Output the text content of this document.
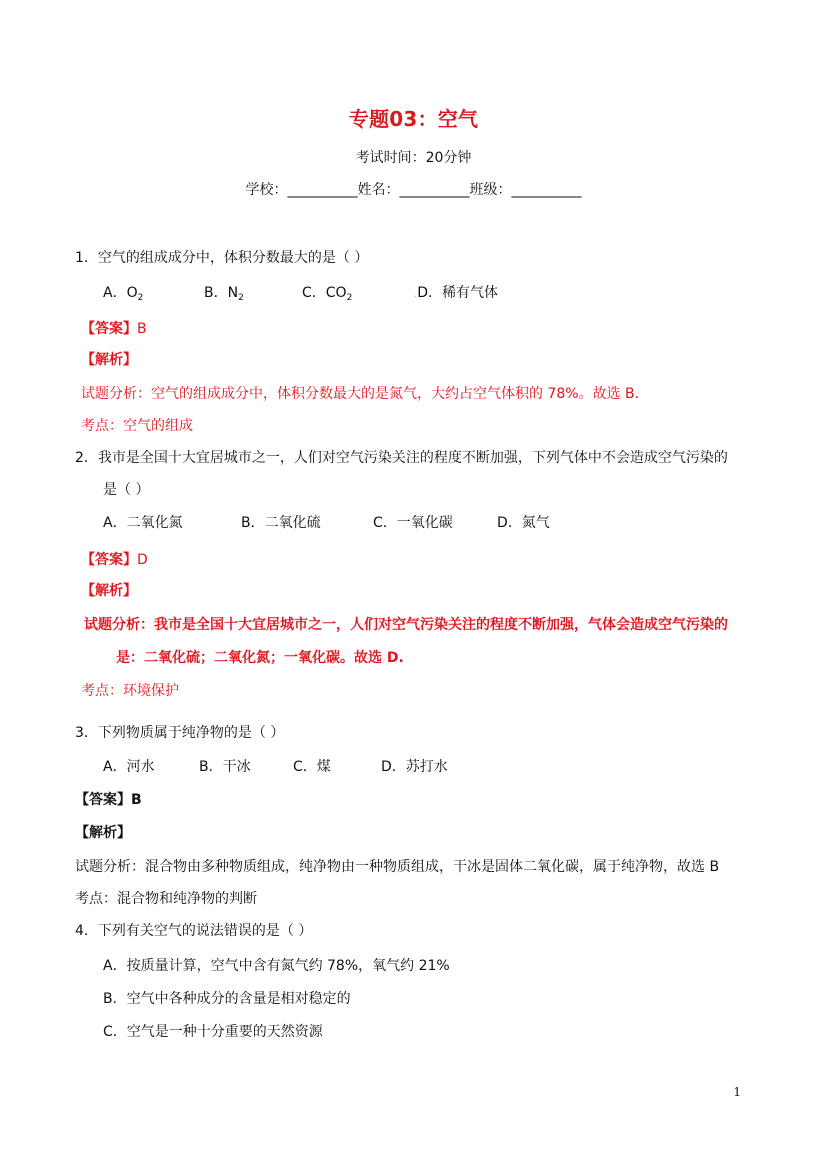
专题03：空气
考试时间：20分钟
学校：__________姓名：__________班级：__________
1．空气的组成成分中，体积分数最大的是（ ）
A．$O_2$	B．$N_2$	C．$CO_2$	.D．稀有气体
【答案】B
【解析】
试题分析：空气的组成成分中，体积分数最大的是氮气，大约占空气体积的 78%。故选 B．
考点：空气的组成
2．我市是全国十大宜居城市之一，人们对空气污染关注的程度不断加强，下列气体中不会造成空气污染的
是（ ）
A．二氧化氮	B．二氧化硫	C．一氧化碳	D．氮气
【答案】D
【解析】
试题分析：我市是全国十大宜居城市之一，人们对空气污染关注的程度不断加强，气体会造成空气污染的
是：二氧化硫；二氧化氮；一氧化碳。故选 D.
考点：环境保护
3．下列物质属于纯净物的是（ ）
A．河水	B．干冰	C．煤	D．苏打水
【答案】B
【解析】
试题分析：混合物由多种物质组成，纯净物由一种物质组成，干冰是固体二氧化碳，属于纯净物，故选 B
考点：混合物和纯净物的判断
4．下列有关空气的说法错误的是（ ）
A．按质量计算，空气中含有氮气约 78%，氧气约 21%
B．空气中各种成分的含量是相对稳定的
C．空气是一种十分重要的天然资源
1
